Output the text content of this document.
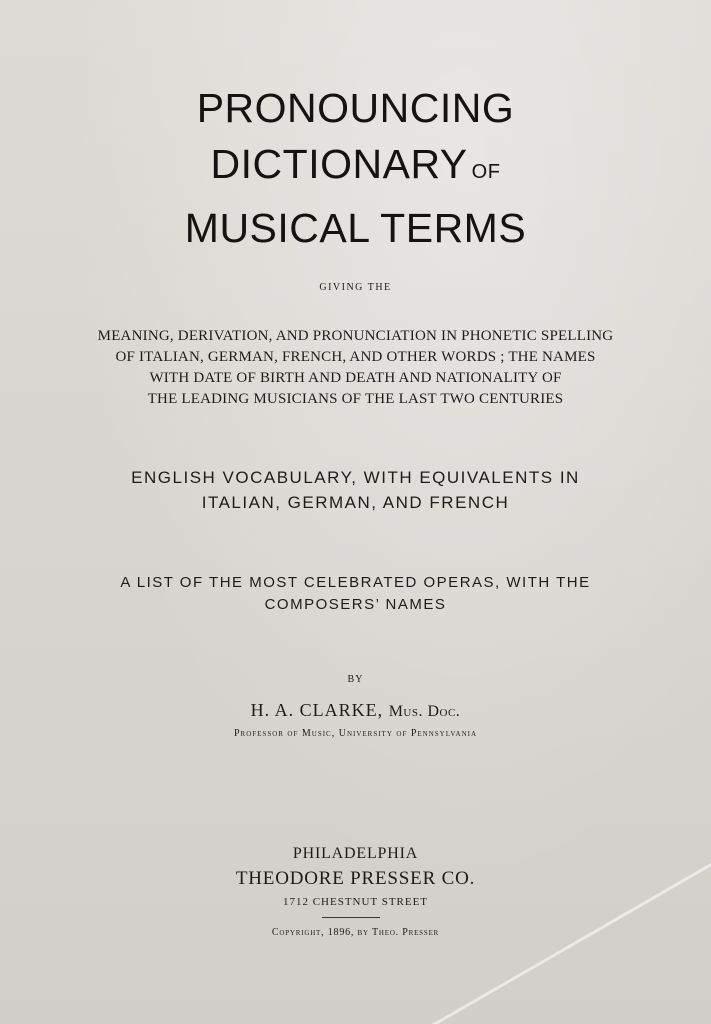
PRONOUNCING
DICTIONARY OF
MUSICAL TERMS
GIVING THE
MEANING, DERIVATION, AND PRONUNCIATION IN PHONETIC SPELLING
OF ITALIAN, GERMAN, FRENCH, AND OTHER WORDS ; THE NAMES
WITH DATE OF BIRTH AND DEATH AND NATIONALITY OF
THE LEADING MUSICIANS OF THE LAST TWO CENTURIES
ENGLISH VOCABULARY, WITH EQUIVALENTS IN
ITALIAN, GERMAN, AND FRENCH
A LIST OF THE MOST CELEBRATED OPERAS, WITH THE
COMPOSERS’ NAMES
BY
H. A. CLARKE, Mus. Doc.
Professor of Music, University of Pennsylvania
PHILADELPHIA
THEODORE PRESSER CO.
1712 CHESTNUT STREET
Copyright, 1896, by Theo. Presser
